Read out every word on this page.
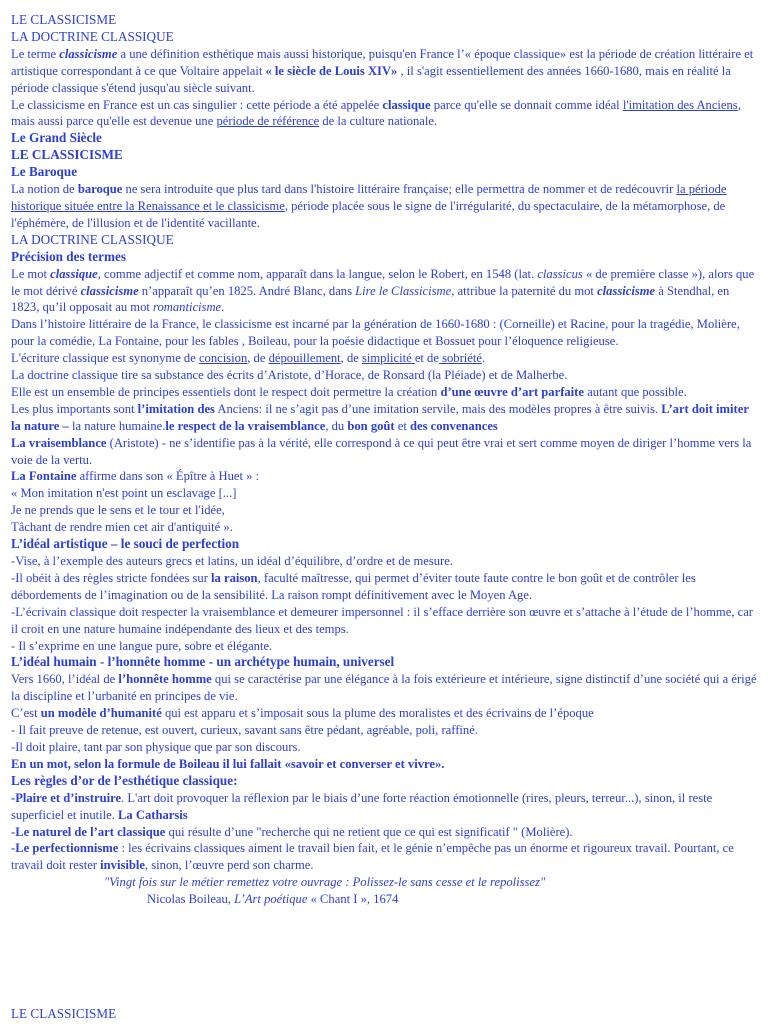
LE CLASSICISME

LA DOCTRINE CLASSIQUE

Le terme classicisme a une définition esthétique mais aussi historique, puisqu'en France l’« époque classique» est la période de création littéraire et artistique correspondant à ce que Voltaire appelait « le siècle de Louis XIV» , il s'agit essentiellement des années 1660-1680, mais en réalité la période classique s'étend jusqu'au siècle suivant.

Le classicisme en France est un cas singulier : cette période a été appelée classique parce qu'elle se donnait comme idéal l'imitation des Anciens, mais aussi parce qu'elle est devenue une période de référence de la culture nationale.

Le Grand Siècle

LE CLASSICISME

Le Baroque

La notion de baroque ne sera introduite que plus tard dans l'histoire littéraire française; elle permettra de nommer et de redécouvrir la période historique située entre la Renaissance et le classicisme, période placée sous le signe de l'irrégularité, du spectaculaire, de la métamorphose, de l'éphémère, de l'illusion et de l'identité vacillante.

LA DOCTRINE CLASSIQUE

Précision des termes

Le mot classique, comme adjectif et comme nom, apparaît dans la langue, selon le Robert, en 1548 (lat. classicus « de première classe »), alors que le mot dérivé classicisme n’apparaît qu’en 1825. André Blanc, dans Lire le Classicisme, attribue la paternité du mot classicisme à Stendhal, en 1823, qu’il opposait au mot romanticisme.

Dans l’histoire littéraire de la France, le classicisme est incarné par la génération de 1660-1680 : (Corneille) et Racine, pour la tragédie, Molière, pour la comédie, La Fontaine, pour les fables , Boileau, pour la poésie didactique et Bossuet pour l’éloquence religieuse.

L'écriture classique est synonyme de concision, de dépouillement, de simplicité et de sobriété.

La doctrine classique tire sa substance des écrits d’Aristote, d’Horace, de Ronsard (la Pléiade) et de Malherbe.

Elle est un ensemble de principes essentiels dont le respect doit permettre la création d’une œuvre d’art parfaite autant que possible.

Les plus importants sont l’imitation des Anciens: il ne s’agit pas d’une imitation servile, mais des modèles propres à être suivis. L’art doit imiter la nature – la nature humaine.le respect de la vraisemblance, du bon goût et des convenances

La vraisemblance (Aristote) - ne s’identifie pas à la vérité, elle correspond à ce qui peut être vrai et sert comme moyen de diriger l’homme vers la voie de la vertu.

La Fontaine affirme dans son « Épître à Huet » :

« Mon imitation n'est point un esclavage [...]

Je ne prends que le sens et le tour et l'idée,

Tâchant de rendre mien cet air d'antiquité ».

L’idéal artistique – le souci de perfection

-Vise, à l’exemple des auteurs grecs et latins, un idéal d’équilibre, d’ordre et de mesure.

-Il obéit à des règles stricte fondées sur la raison, faculté maîtresse, qui permet d’éviter toute faute contre le bon goût et de contrôler les débordements de l’imagination ou de la sensibilité. La raison rompt définitivement avec le Moyen Age.

-L’écrivain classique doit respecter la vraisemblance et demeurer impersonnel : il s’efface derrière son œuvre et s’attache à l’étude de l’homme, car il croit en une nature humaine indépendante des lieux et des temps.

- Il s’exprime en une langue pure, sobre et élégante.

L’idéal humain - l’honnête homme - un archétype humain, universel

Vers 1660, l’idéal de l’honnête homme qui se caractérise par une élégance à la fois extérieure et intérieure, signe distinctif d’une société qui a érigé la discipline et l’urbanité en principes de vie.

C’est un modèle d’humanité qui est apparu et s’imposait sous la plume des moralistes et des écrivains de l’époque

- Il fait preuve de retenue, est ouvert, curieux, savant sans être pédant, agréable, poli, raffiné.

-Il doit plaire, tant par son physique que par son discours.

En un mot, selon la formule de Boileau il lui fallait «savoir et converser et vivre».

Les règles d’or de l’esthétique classique:

-Plaire et d’instruire. L'art doit provoquer la réflexion par le biais d’une forte réaction émotionnelle (rires, pleurs, terreur...), sinon, il reste superficiel et inutile. La Catharsis

-Le naturel de l’art classique qui résulte d’une "recherche qui ne retient que ce qui est significatif " (Molière).

-Le perfectionnisme : les écrivains classiques aiment le travail bien fait, et le génie n’empêche pas un énorme et rigoureux travail. Pourtant, ce travail doit rester invisible, sinon, l’œuvre perd son charme.

"Vingt fois sur le métier remettez votre ouvrage : Polissez-le sans cesse et le repolissez"

Nicolas Boileau, L’Art poétique « Chant I », 1674

LE CLASSICISME
